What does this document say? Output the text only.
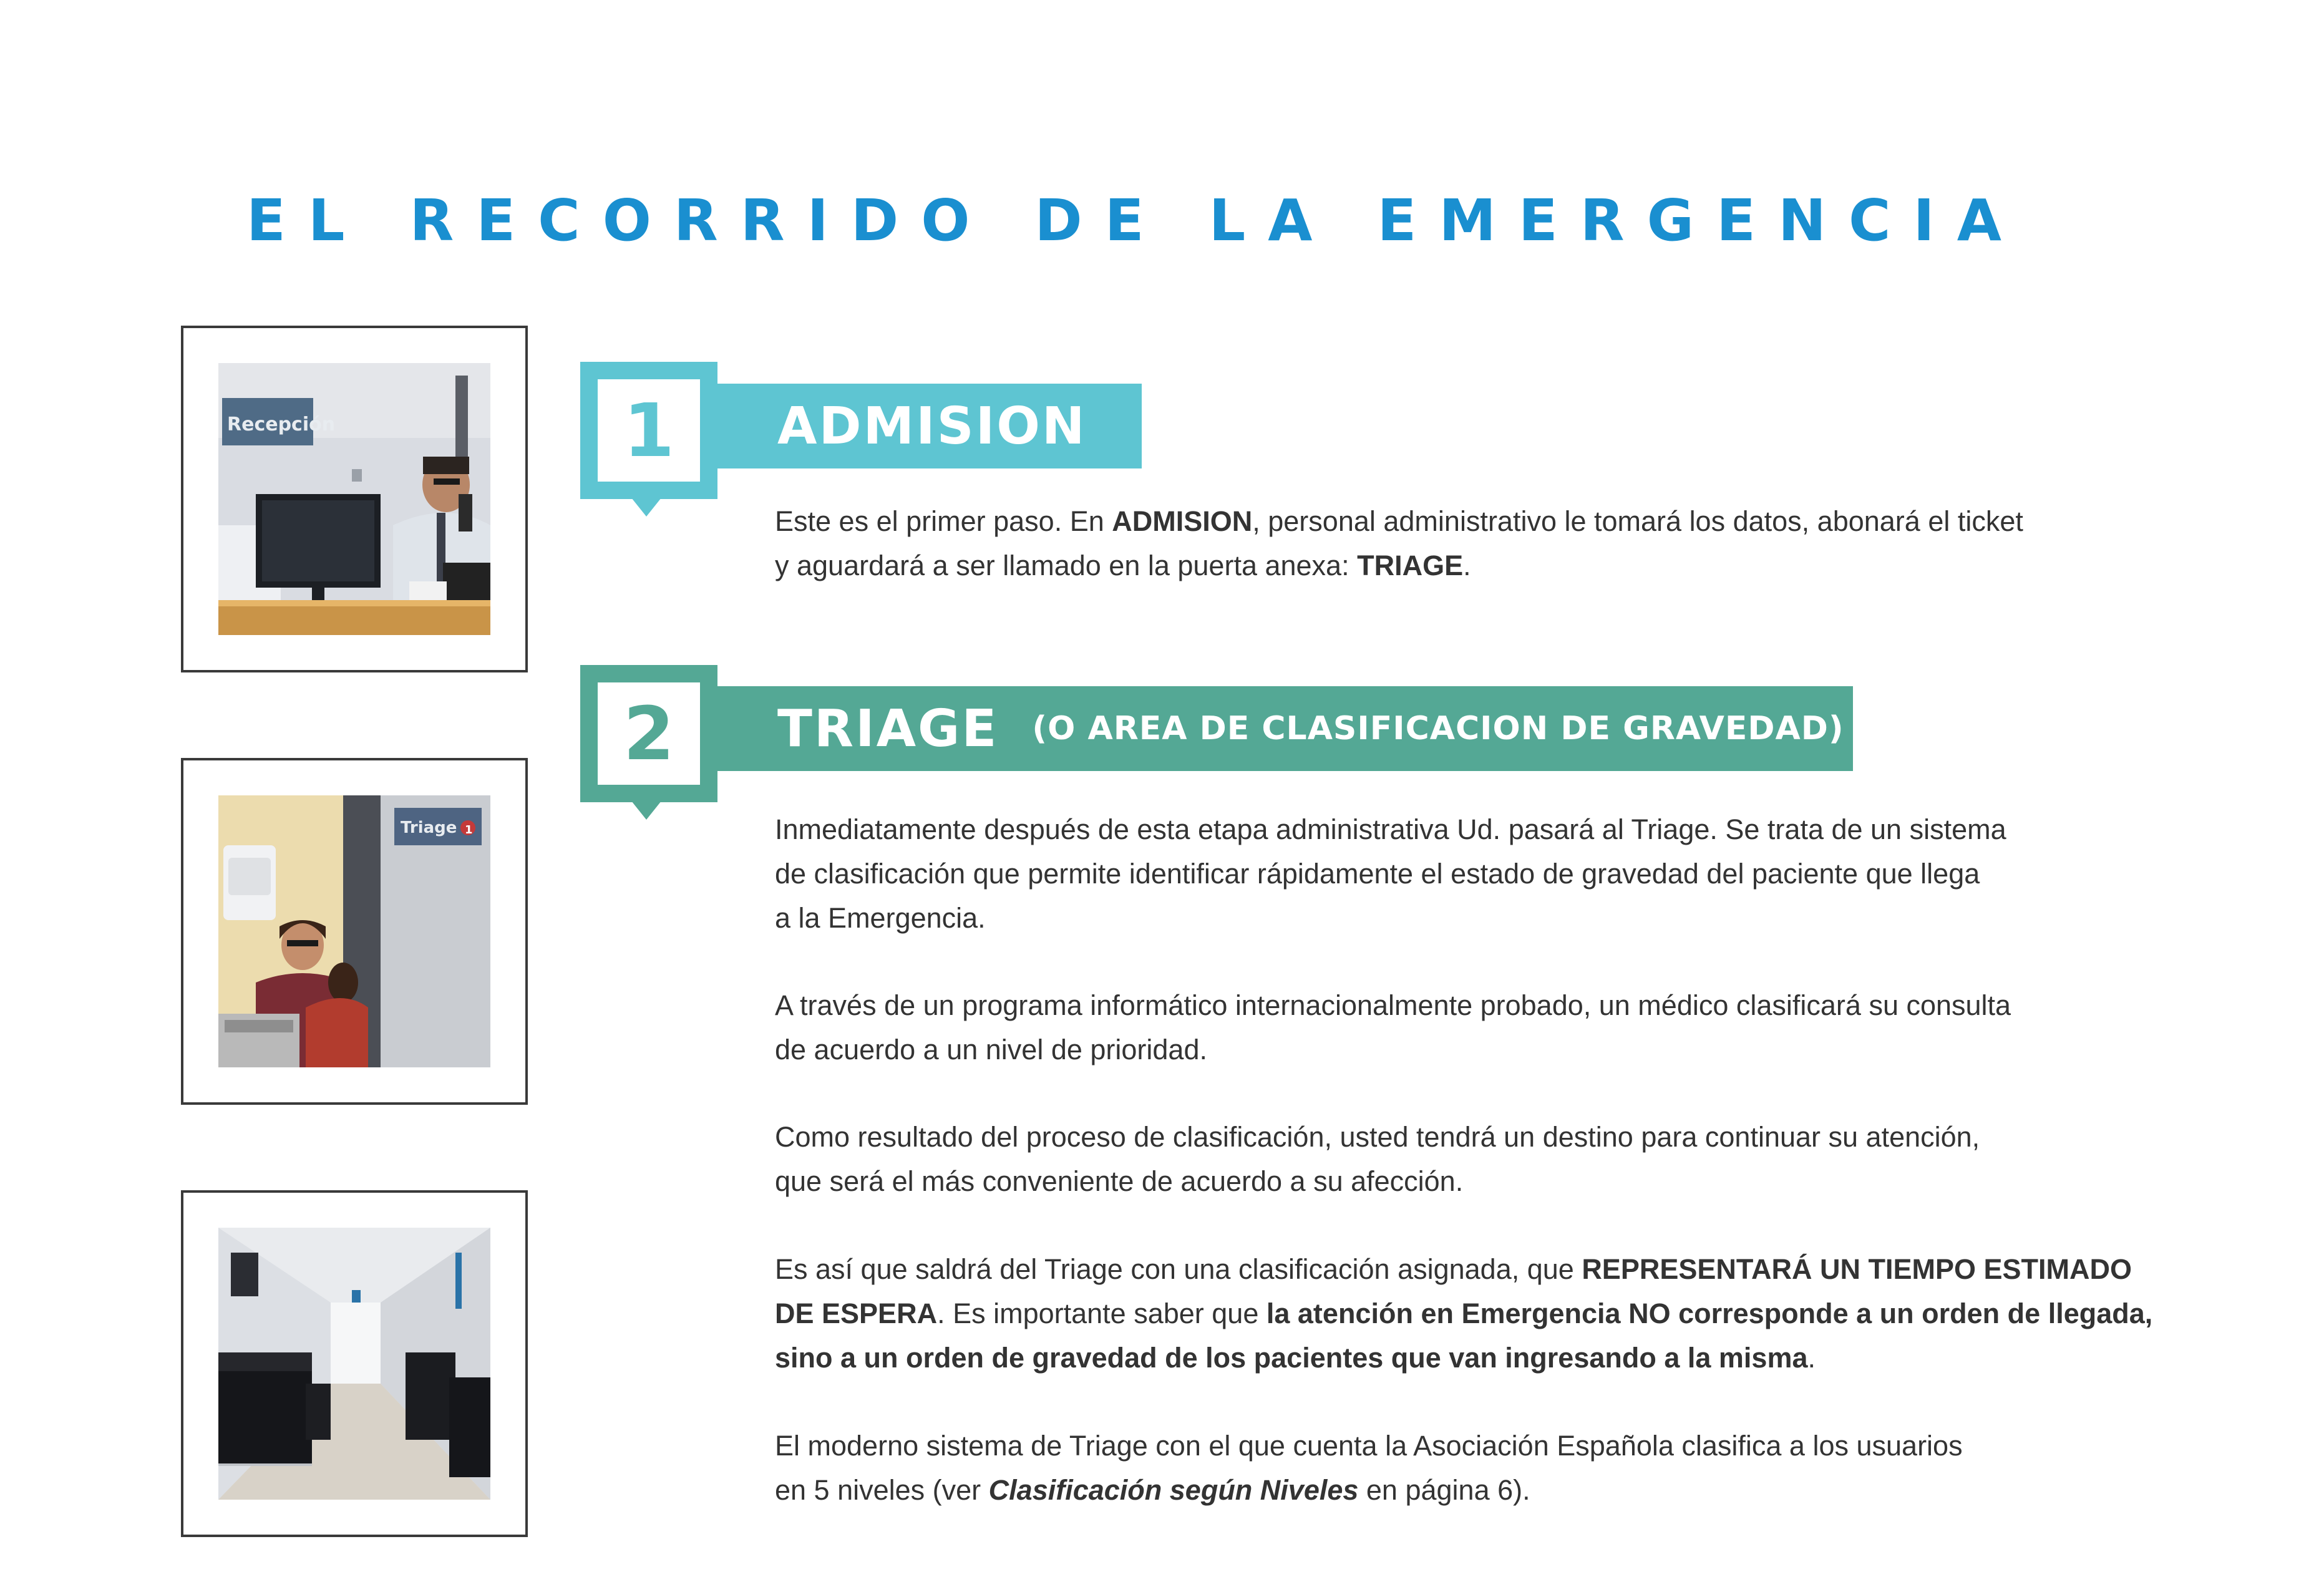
EL RECORRIDO DE LA EMERGENCIA
Recepción
Triage 1
1	ADMISION

Este es el primer paso. En ADMISION, personal administrativo le tomará los datos, abonará el ticket
y aguardará a ser llamado en la puerta anexa: TRIAGE.

2	TRIAGE (O AREA DE CLASIFICACION DE GRAVEDAD)

Inmediatamente después de esta etapa administrativa Ud. pasará al Triage. Se trata de un sistema
de clasificación que permite identificar rápidamente el estado de gravedad del paciente que llega
a la Emergencia.

A través de un programa informático internacionalmente probado, un médico clasificará su consulta
de acuerdo a un nivel de prioridad.

Como resultado del proceso de clasificación, usted tendrá un destino para continuar su atención,
que será el más conveniente de acuerdo a su afección.

Es así que saldrá del Triage con una clasificación asignada, que REPRESENTARÁ UN TIEMPO ESTIMADO
DE ESPERA. Es importante saber que la atención en Emergencia NO corresponde a un orden de llegada,
sino a un orden de gravedad de los pacientes que van ingresando a la misma.

El moderno sistema de Triage con el que cuenta la Asociación Española clasifica a los usuarios
en 5 niveles (ver Clasificación según Niveles en página 6).
